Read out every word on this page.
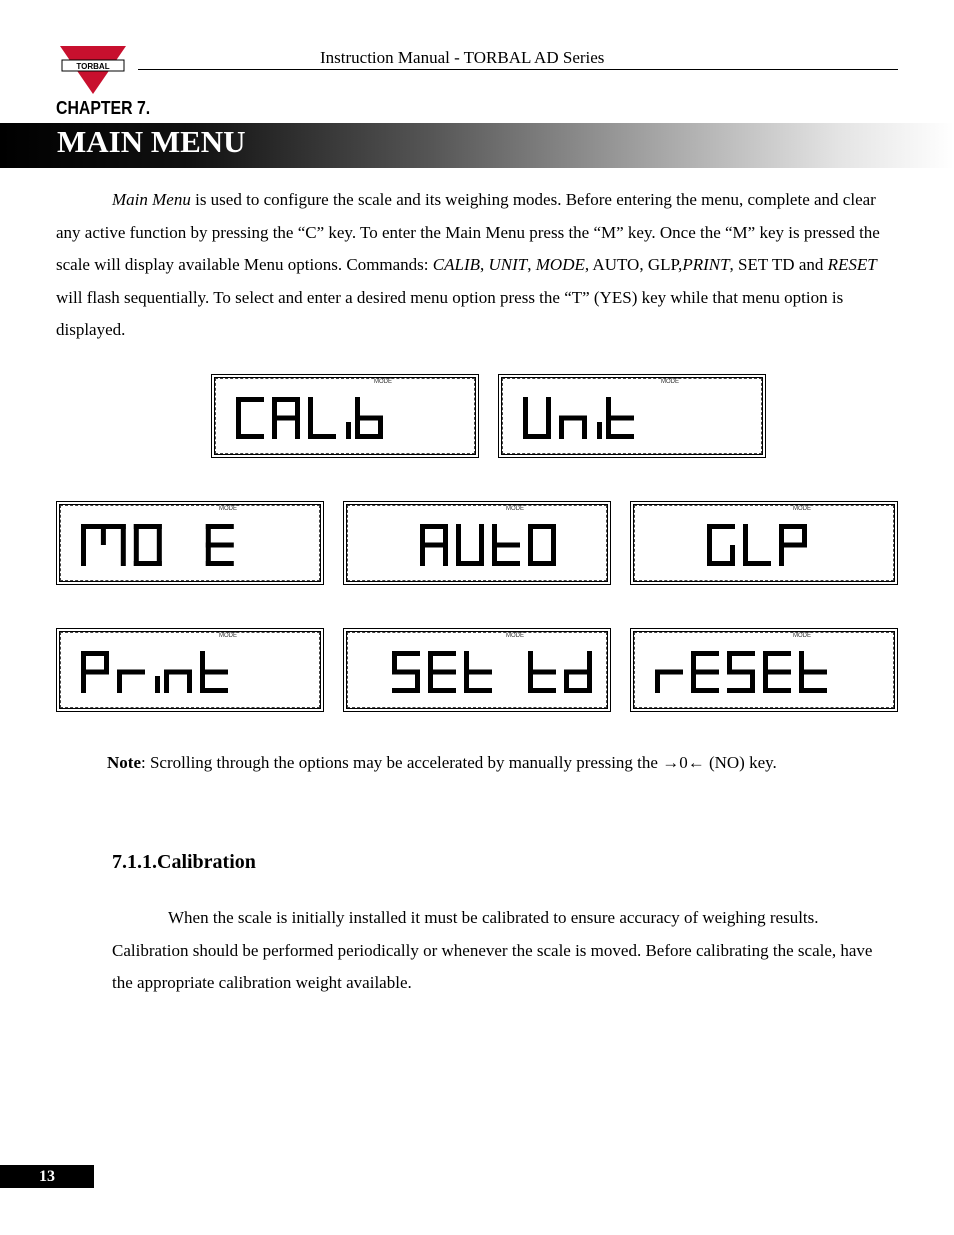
TORBAL	Instruction Manual - TORBAL AD Series
CHAPTER 7.
MAIN MENU
Main Menu is used to configure the scale and its weighing modes. Before entering the menu, complete and clear any active function by pressing the “C” key. To enter the Main Menu press the “M” key. Once the “M” key is pressed the scale will display available Menu options. Commands: CALIB, UNIT, MODE, AUTO, GLP,PRINT, SET TD and RESET will flash sequentially. To select and enter a desired menu option press the “T” (YES) key while that menu option is displayed.
MODE	MODE
MODE	MODE	MODE
MODE	MODE	MODE
Note: Scrolling through the options may be accelerated by manually pressing the →0← (NO) key.
7.1.1.Calibration
When the scale is initially installed it must be calibrated to ensure accuracy of weighing results. Calibration should be performed periodically or whenever the scale is moved. Before calibrating the scale, have the appropriate calibration weight available.
13
